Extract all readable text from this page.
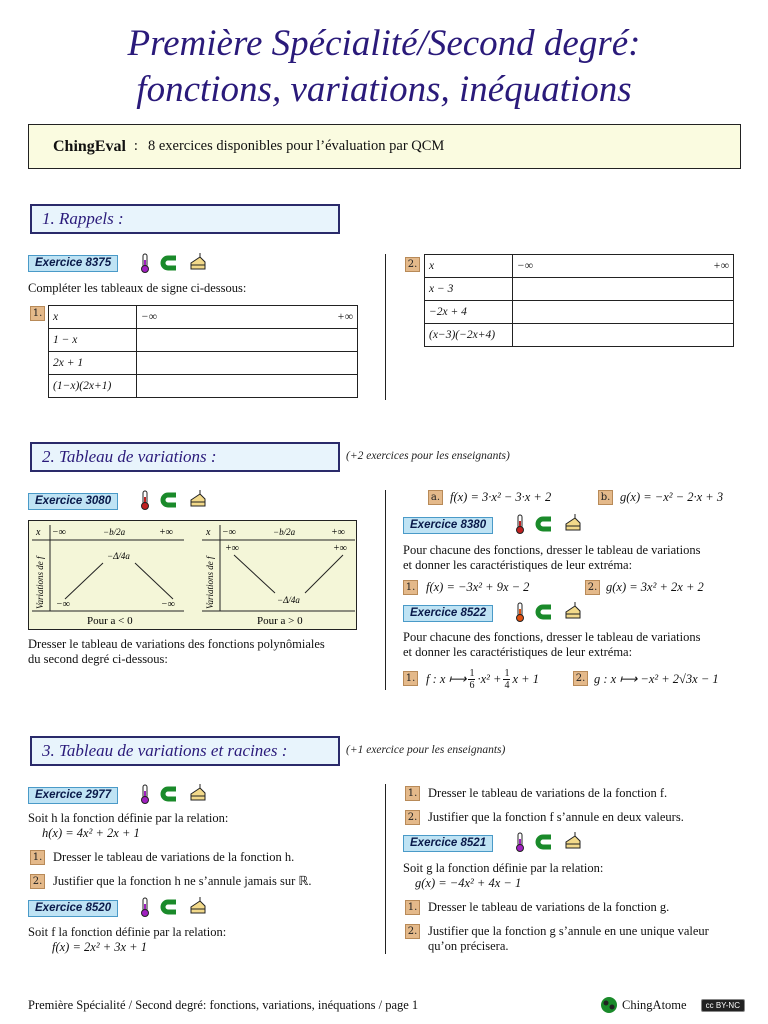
Première Spécialité/Second degré:
fonctions, variations, inéquations
ChingEval : 8 exercices disponibles pour l’évaluation par QCM
1. Rappels :
Exercice 8375
Compléter les tableaux de signe ci-dessous:
1. x	−∞ +∞

1 − x	
2x + 1	
(1−x)(2x+1)	
2. x	−∞ +∞

x − 3	
−2x + 4	
(x−3)(−2x+4)	
2. Tableau de variations :	(+2 exercices pour les enseignants)
Exercice 3080
x −∞	−b/2a	+∞
Variations de f
−Δ/4a
−∞	−∞
Pour a < 0
x −∞	−b/2a	+∞
Variations de f
+∞	+∞
−Δ/4a
Pour a > 0
Dresser le tableau de variations des fonctions polynômiales
du second degré ci-dessous:
a. f(x) = 3·x² − 3·x + 2	b. g(x) = −x² − 2·x + 3
Exercice 8380
Pour chacune des fonctions, dresser le tableau de variations
et donner les caractéristiques de leur extréma:
1. f(x) = −3x² + 9x − 2	2. g(x) = 3x² + 2x + 2
Exercice 8522
Pour chacune des fonctions, dresser le tableau de variations
et donner les caractéristiques de leur extréma:
1. f : x ⟼ $\frac{1}{6} \cdot x^2 + \frac{1}{4}$ x + 1	2. g : x ⟼ −x² + 2√3x − 1
3. Tableau de variations et racines :	(+1 exercice pour les enseignants)
Exercice 2977
Soit h la fonction définie par la relation:
h(x) = 4x² + 2x + 1
1. Dresser le tableau de variations de la fonction h.
2. Justifier que la fonction h ne s’annule jamais sur ℝ.
Exercice 8520
Soit f la fonction définie par la relation:
f(x) = 2x² + 3x + 1
1. Dresser le tableau de variations de la fonction f.
2. Justifier que la fonction f s’annule en deux valeurs.
Exercice 8521
Soit g la fonction définie par la relation:
g(x) = −4x² + 4x − 1
1. Dresser le tableau de variations de la fonction g.
2. Justifier que la fonction g s’annule en une unique valeur
qu’on précisera.
Première Spécialité / Second degré: fonctions, variations, inéquations / page 1	ChingAtome	cc BY-NC
